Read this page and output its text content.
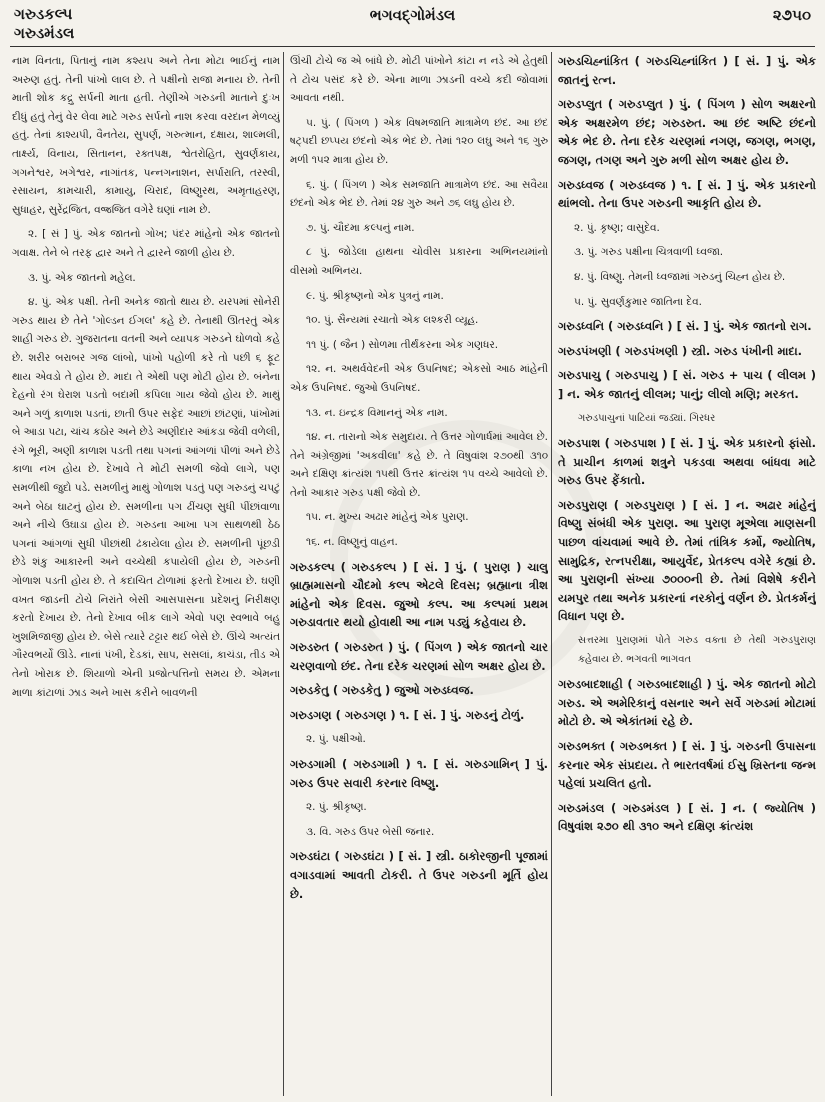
ગરુડકલ્પ
ગરુડમંડલ
ભગવદ્ગોમંડલ	૨૭૫૦

નામ વિનતા, પિતાનું નામ કશ્યપ અને તેના મોટા ભાઈનું નામ અરુણ હતું. તેની પાંખો લાલ છે. તે પક્ષીનો રાજા મનાય છે. તેની માતી શોક કદ્રુ સર્પની માતા હતી. તેણીએ ગરુડની માતાને દુઃખ દીધું હતું તેનું વેર લેવા માટે ગરુડ સર્પનો નાશ કરવા વરદાન મેળવ્યું હતું. તેનાં કાશ્યપી, વૈનતેય, સુપર્ણ, ગરુત્માન, દક્ષાય, શાલ્મલી, તાર્ક્ષ્ય, વિનાય, સિતાનન, રક્તપક્ષ, શ્વેતરોહિત, સુવર્ણકાય, ગગનેશ્વર, ખગેશ્વર, નાગાંતક, પન્નગનાશન, સર્પારાતિ, તરસ્વી, રસાયન, કામચારી, કામાયુ, ચિરાદ, વિષ્ણુરથ, અમૃતાહરણ, સુધાહર, સુરેંદ્રજિત, વજ્રજિત વગેરે ઘણાં નામ છે.

૨. [ સં ] પું. એક જાતનો ગોખ; પંદર માંહેનો એક જાતનો ગવાક્ષ. તેને બે તરફ દ્વાર અને તે દ્વારને જાળી હોય છે.

૩. પું. એક જાતનો મહેલ.

૪. પું. એક પક્ષી. તેની અનેક જાતો થાય છે. યરપમાં સોનેરી ગરુડ થાય છે તેને 'ગોલ્ડન ઈગલ' કહે છે. તેનાથી ઊતરતું એક શાહી ગરુડ છે. ગુજરાતના વતની અને વ્યાપક ગરુડને ઘોળવો કહે છે. શરીર બરાબર ગજ લાંબો, પાંખો પહોળી કરે તો પછી ૬ ફૂટ થાય એવડો તે હોય છે. માદા તે એથી પણ મોટી હોય છે. બંનેના દેહનો રંગ ઘેરાશ પડતો બદામી કપિલા ગાય જેવો હોય છે. માથું અને ગળું કાળાશ પડતાં, છાતી ઉપર સફેદ આછાં છાંટણાં, પાંખોમાં બે આડા પટા, ચાંચ કઠોર અને છેડે અણીદાર આંકડા જેવી વળેલી, રંગે ભૂરી, અણી કાળાશ પડતી તથા પગનાં આંગળાં પીળાં અને છેડે કાળા નખ હોય છે. દેખાવે તે મોટી સમળી જેવો લાગે, પણ સમળીથી જુદો પડે. સમળીનું માથું ગોળાશ પડતું પણ ગરુડનું ચપટું અને બેઠા ઘાટનું હોય છે. સમળીના પગ ઢીંચણ સુધી પીંછાંવાળા અને નીચે ઉઘાડા હોય છે. ગરુડના આખા પગ સાથળથી ઠેઠ પગનાં આંગળાં સુધી પીછાંથી ઢંકાયેલા હોય છે. સમળીની પૂંછડી છેડે શંકુ આકારની અને વચ્ચેથી કપાયેલી હોય છે, ગરુડની ગોળાશ પડતી હોય છે. તે કદાચિત ટોળામાં ફરતો દેખાય છે. ઘણી વખત જાડની ટોચે નિરાંતે બેસી આસપાસના પ્રદેશનું નિરીક્ષણ કરતો દેખાય છે. તેનો દેખાવ બીક લાગે એવો પણ સ્વભાવે બહુ ખુશમિજાજી હોય છે. બેસે ત્યારે ટટ્ટાર થઈ બેસે છે. ઊંચે અત્યંત ગૌરવભર્યો ઊડે. નાનાં પંખી, દેડકાં, સાપ, સસલાં, કાચંડા, તીડ એ તેનો ખોરાક છે. શિયાળો એની પ્રજોત્પત્તિનો સમય છે. એમના માળા કાંટાળાં ઝાડ અને ખાસ કરીને બાવળની

ઊંચી ટોચે જ એ બાંધે છે. મોટી પાંખોને કાંટા ન નડે એ હેતુથી તે ટોચ પસંદ કરે છે. એના માળા ઝાડની વચ્ચે કદી જોવામાં આવતા નથી.

૫. પું. ( પિંગળ ) એક વિષમજાતિ માત્રામેળ છંદ. આ છંદ ષટ્પદી છપ્પય છંદનો એક ભેદ છે. તેમાં ૧૨૦ લઘુ અને ૧૬ ગુરુ મળી ૧૫૨ માત્રા હોય છે.

૬. પું. ( પિંગળ ) એક સમજાતિ માત્રામેળ છંદ. આ સવૈયા છંદનો એક ભેદ છે. તેમાં ૨૪ ગુરુ અને ૭૬ લઘુ હોય છે.

૭. પું. ચૌદમા કલ્પનું નામ.

૮ પું. જોડેલા હાથના ચોવીસ પ્રકારના અભિનયમાંનો વીસમો અભિનય.

૯. પું. શ્રીકૃષ્ણનો એક પુત્રનું નામ.

૧૦. પું. સૈન્યમાં રચાતો એક લશ્કરી વ્યૂહ.

૧૧ પું. ( જૈન ) સોળમા તીર્થંકરના એક ગણધર.

૧૨. ન. અથર્વવેદની એક ઉપનિષદ; એકસો આઠ માંહેની એક ઉપનિષદ. જુઓ ઉપનિષદ.

૧૩. ન. ઇન્દ્રક વિમાનનું એક નામ.

૧૪. ન. તારાનો એક સમુદાય. તે ઉત્તર ગોળાર્ધમાં આવેલ છે. તેને અંગ્રેજીમાં 'અકવીલા' કહે છે. તે વિષુવાંશ ૨૭૦થી ૩૧૦ અને દક્ષિણ ક્રાંત્યંશ ૧૫થી ઉત્તર ક્રાંત્યંશ ૧૫ વચ્ચે આવેલો છે. તેનો આકાર ગરુડ પક્ષી જેવો છે.

૧૫. ન. મુખ્ય અઢાર માંહેનું એક પુરાણ.

૧૬. ન. વિષ્ણુનું વાહન.

ગરુડકલ્પ ( ગરુડકલ્પ ) [ સં. ] પું. ( પુરાણ ) ચાલુ બ્રાહ્મમાસનો ચૌદમો કલ્પ એટલે દિવસ; બ્રહ્માના ત્રીશ માંહેનો એક દિવસ. જુઓ કલ્પ. આ કલ્પમાં પ્રથમ ગરુડાવતાર થયો હોવાથી આ નામ પડ્યું કહેવાય છે.

ગરુડરુત ( ગરુડરુત ) પું. ( પિંગળ ) એક જાતનો ચાર ચરણવાળો છંદ. તેના દરેક ચરણમાં સોળ અક્ષર હોય છે.

ગરુડકેતુ ( ગરુડકેતુ ) જુઓ ગરુડધ્વજ.

ગરુડગણ ( ગરુડગણ ) ૧. [ સં. ] પું. ગરુડનું ટોળું.

૨. પું. પક્ષીઓ.

ગરુડગામી ( ગરુડગામી ) ૧. [ સં. ગરુડગામિન્ ] પું. ગરુડ ઉપર સવારી કરનાર વિષ્ણુ.

૨. પું. શ્રીકૃષ્ણ.

૩. વિ. ગરુડ ઉપર બેસી જનાર.

ગરુડઘંટા ( ગરુડઘંટા ) [ સં. ] સ્ત્રી. ઠાકોરજીની પૂજામાં વગાડવામાં આવતી ટોકરી. તે ઉપર ગરુડની મૂર્તિ હોય છે.

ગરુડચિહ્નાંકિત ( ગરુડચિહ્નાંકિત ) [ સં. ] પું. એક જાતનું રત્ન.

ગરુડપ્લુત ( ગરુડપ્લુત ) પું. ( પિંગળ ) સોળ અક્ષરનો એક અક્ષરમેળ છંદ; ગરુડરુત. આ છંદ અષ્ટિ છંદનો એક ભેદ છે. તેના દરેક ચરણમાં નગણ, જગણ, ભગણ, જગણ, તગણ અને ગુરુ મળી સોળ અક્ષર હોય છે.

ગરુડધ્વજ ( ગરુડધ્વજ ) ૧. [ સં. ] પું. એક પ્રકારનો થાંભલો. તેના ઉપર ગરુડની આકૃતિ હોય છે.

૨. પું. કૃષ્ણ; વાસુદેવ.

૩. પું. ગરુડ પક્ષીના ચિત્રવાળી ધ્વજા.

૪. પું. વિષ્ણુ. તેમની ધ્વજામાં ગરુડનું ચિહ્ન હોય છે.

૫. પું. સુવર્ણકુમાર જાતિના દેવ.

ગરુડધ્વનિ ( ગરુડધ્વનિ ) [ સં. ] પું. એક જાતનો રાગ.

ગરુડપંખણી ( ગરુડપંખણી ) સ્ત્રી. ગરુડ પંખીની માદા.

ગરુડપાચુ ( ગરુડપાચુ ) [ સં. ગરુડ + પાચ ( લીલમ ) ] ન. એક જાતનું લીલમ; પાનું; લીલો મણિ; મરકત.

ગરુડપાચુનાં પાટિયાં જડ્યાં. ગિરધર

ગરુડપાશ ( ગરુડપાશ ) [ સં. ] પું. એક પ્રકારનો ફાંસો. તે પ્રાચીન કાળમાં શત્રુને પકડવા અથવા બાંધવા માટે ગરુડ ઉપર ફેંકાતો.

ગરુડપુરાણ ( ગરુડપુરાણ ) [ સં. ] ન. અઢાર માંહેનું વિષ્ણુ સંબંધી એક પુરાણ. આ પુરાણ મૂએલા માણસની પાછળ વાંચવામાં આવે છે. તેમાં તાંત્રિક કર્મો, જ્યોતિષ, સામુદ્રિક, રત્નપરીક્ષા, આયુર્વેદ, પ્રેતકલ્પ વગેરે કહ્યાં છે. આ પુરાણની સંખ્યા ૭૦૦૦ની છે. તેમાં વિશેષે કરીને યમપુર તથા અનેક પ્રકારનાં નરકોનું વર્ણન છે. પ્રેતકર્મનું વિધાન પણ છે.

સત્તરમા પુરાણમાં પોતે ગરુડ વક્તા છે તેથી ગરુડપુરાણ કહેવાય છે. ભગવતી ભાગવત

ગરુડબાદશાહી ( ગરુડબાદશાહી ) પું. એક જાતનો મોટો ગરુડ. એ અમેરિકાનું વસનાર અને સર્વે ગરુડમાં મોટામાં મોટો છે. એ એકાંતમાં રહે છે.

ગરુડભક્ત ( ગરુડભક્ત ) [ સં. ] પું. ગરુડની ઉપાસના કરનાર એક સંપ્રદાય. તે ભારતવર્ષમાં ઈસુ ખ્રિસ્તના જન્મ પહેલાં પ્રચલિત હતો.

ગરુડમંડલ ( ગરુડમંડલ ) [ સં. ] ન. ( જ્યોતિષ ) વિષુવાંશ ૨૭૦ થી ૩૧૦ અને દક્ષિણ ક્રાંત્યંશ
